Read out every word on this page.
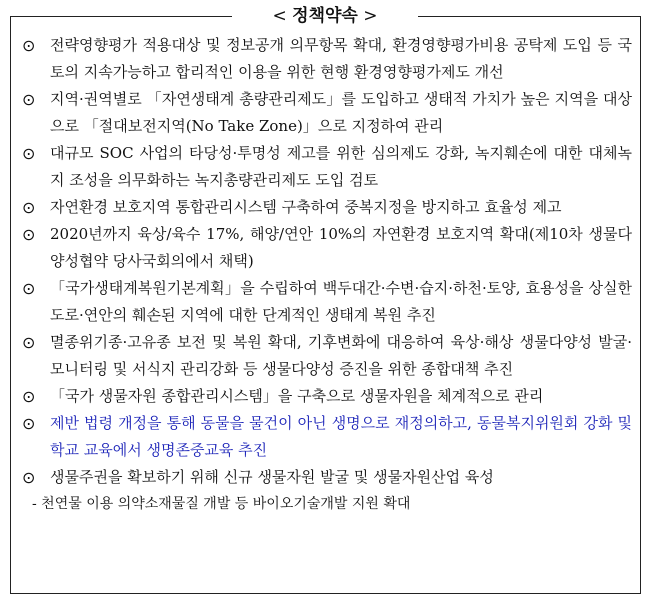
< 정책약속 >
⊙ 전략영향평가 적용대상 및 정보공개 의무항목 확대, 환경영향평가비용 공탁제 도입 등 국토의 지속가능하고 합리적인 이용을 위한 현행 환경영향평가제도 개선
⊙ 지역·권역별로 「자연생태계 총량관리제도」를 도입하고 생태적 가치가 높은 지역을 대상으로 「절대보전지역(No Take Zone)」으로 지정하여 관리
⊙ 대규모 SOC 사업의 타당성·투명성 제고를 위한 심의제도 강화, 녹지훼손에 대한 대체녹지 조성을 의무화하는 녹지총량관리제도 도입 검토
⊙ 자연환경 보호지역 통합관리시스템 구축하여 중복지정을 방지하고 효율성 제고
⊙ 2020년까지 육상/육수 17%, 해양/연안 10%의 자연환경 보호지역 확대(제10차 생물다양성협약 당사국회의에서 채택)
⊙ 「국가생태계복원기본계획」을 수립하여 백두대간·수변·습지·하천·토양, 효용성을 상실한 도로·연안의 훼손된 지역에 대한 단계적인 생태계 복원 추진
⊙ 멸종위기종·고유종 보전 및 복원 확대, 기후변화에 대응하여 육상·해상 생물다양성 발굴·모니터링 및 서식지 관리강화 등 생물다양성 증진을 위한 종합대책 추진
⊙ 「국가 생물자원 종합관리시스템」을 구축으로 생물자원을 체계적으로 관리
⊙ 제반 법령 개정을 통해 동물을 물건이 아닌 생명으로 재정의하고, 동물복지위원회 강화 및 학교 교육에서 생명존중교육 추진
⊙ 생물주권을 확보하기 위해 신규 생물자원 발굴 및 생물자원산업 육성
- 천연물 이용 의약소재물질 개발 등 바이오기술개발 지원 확대
